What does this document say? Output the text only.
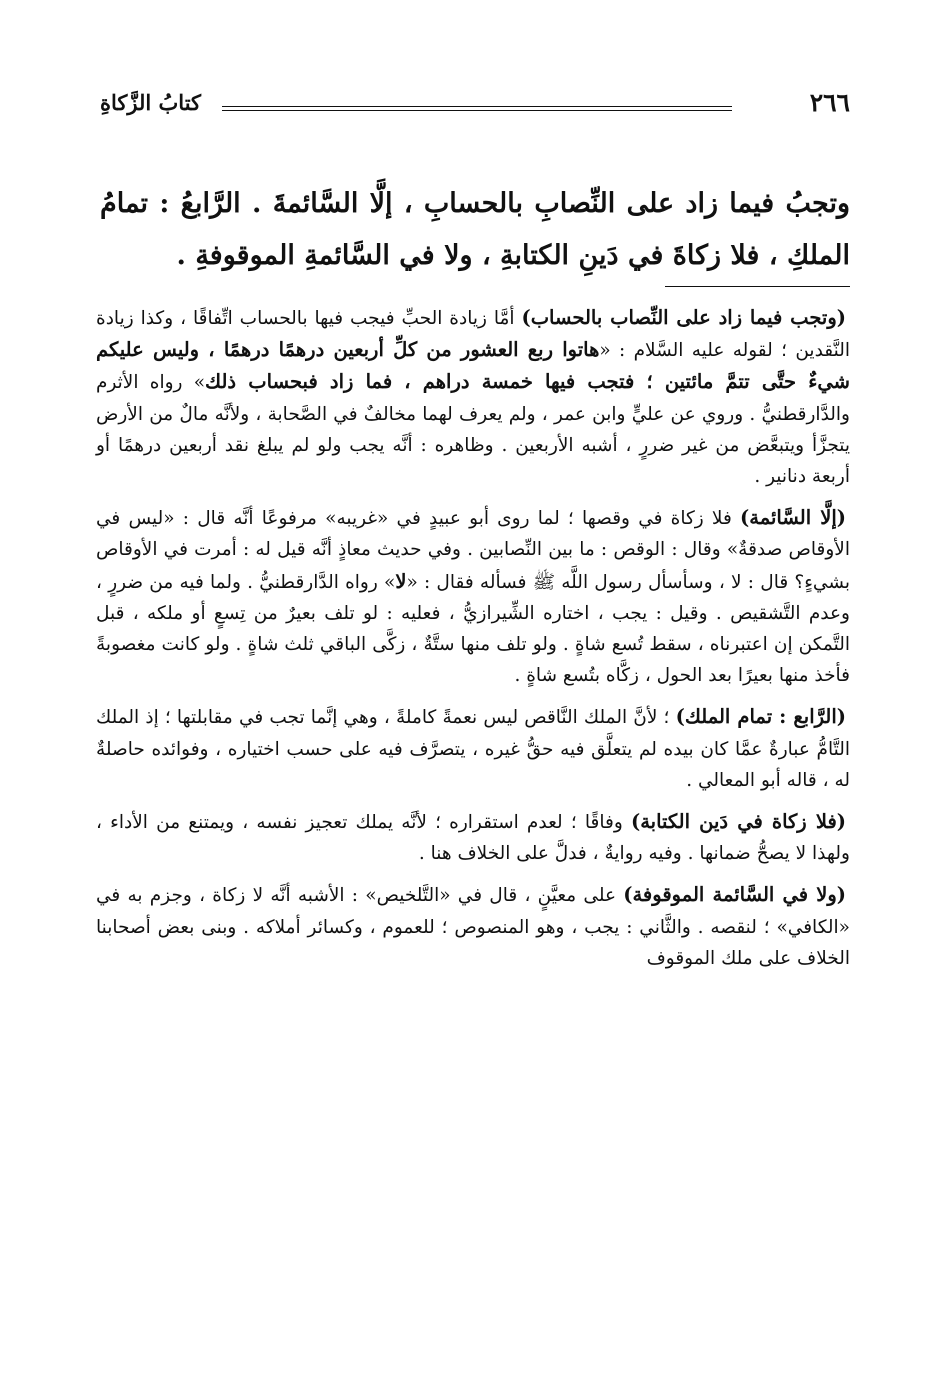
٢٦٦
كتابُ الزَّكاةِ

وتجبُ فيما زاد على النِّصابِ بالحسابِ ، إلَّا السَّائمةَ . الرَّابعُ : تمامُ الملكِ ، فلا زكاةَ في دَينِ الكتابةِ ، ولا في السَّائمةِ الموقوفةِ .

(وتجب فيما زاد على النِّصاب بالحساب) أمَّا زيادة الحبِّ فيجب فيها بالحساب اتِّفاقًا ، وكذا زيادة النَّقدين ؛ لقوله عليه السَّلام : «هاتوا ربع العشور من كلِّ أربعين درهمًا درهمًا ، وليس عليكم شيءٌ حتَّى تتمَّ مائتين ؛ فتجب فيها خمسة دراهم ، فما زاد فبحساب ذلك» رواه الأثرم والدَّارقطنيُّ . وروي عن عليٍّ وابن عمر ، ولم يعرف لهما مخالفٌ في الصَّحابة ، ولأنَّه مالٌ من الأرض يتجزَّأ ويتبعَّض من غير ضررٍ ، أشبه الأربعين . وظاهره : أنَّه يجب ولو لم يبلغ نقد أربعين درهمًا أو أربعة دنانير .

(إلَّا السَّائمة) فلا زكاة في وقصها ؛ لما روى أبو عبيدٍ في «غريبه» مرفوعًا أنَّه قال : «ليس في الأوقاص صدقةٌ» وقال : الوقص : ما بين النِّصابين . وفي حديث معاذٍ أنَّه قيل له : أمرت في الأوقاص بشيءٍ؟ قال : لا ، وسأسأل رسول اللَّه ﷺ فسأله فقال : «لا» رواه الدَّارقطنيُّ . ولما فيه من ضررٍ ، وعدم التَّشقيص . وقيل : يجب ، اختاره الشِّيرازيُّ ، فعليه : لو تلف بعيرٌ من تِسعٍ أو ملكه ، قبل التَّمكن إن اعتبرناه ، سقط تُسع شاةٍ . ولو تلف منها ستَّةٌ ، زكَّى الباقي ثلث شاةٍ . ولو كانت مغصوبةً فأخذ منها بعيرًا بعد الحول ، زكَّاه بتُسع شاةٍ .

(الرَّابع : تمام الملك) ؛ لأنَّ الملك النَّاقص ليس نعمةً كاملةً ، وهي إنَّما تجب في مقابلتها ؛ إذ الملك التَّامُّ عبارةٌ عمَّا كان بيده لم يتعلَّق فيه حقُّ غيره ، يتصرَّف فيه على حسب اختياره ، وفوائده حاصلةٌ له ، قاله أبو المعالي .

(فلا زكاة في دَين الكتابة) وفاقًا ؛ لعدم استقراره ؛ لأنَّه يملك تعجيز نفسه ، ويمتنع من الأداء ، ولهذا لا يصحُّ ضمانها . وفيه روايةٌ ، فدلَّ على الخلاف هنا .

(ولا في السَّائمة الموقوفة) على معيَّنٍ ، قال في «التَّلخيص» : الأشبه أنَّه لا زكاة ، وجزم به في «الكافي» ؛ لنقصه . والثَّاني : يجب ، وهو المنصوص ؛ للعموم ، وكسائر أملاكه . وبنى بعض أصحابنا الخلاف على ملك الموقوف
